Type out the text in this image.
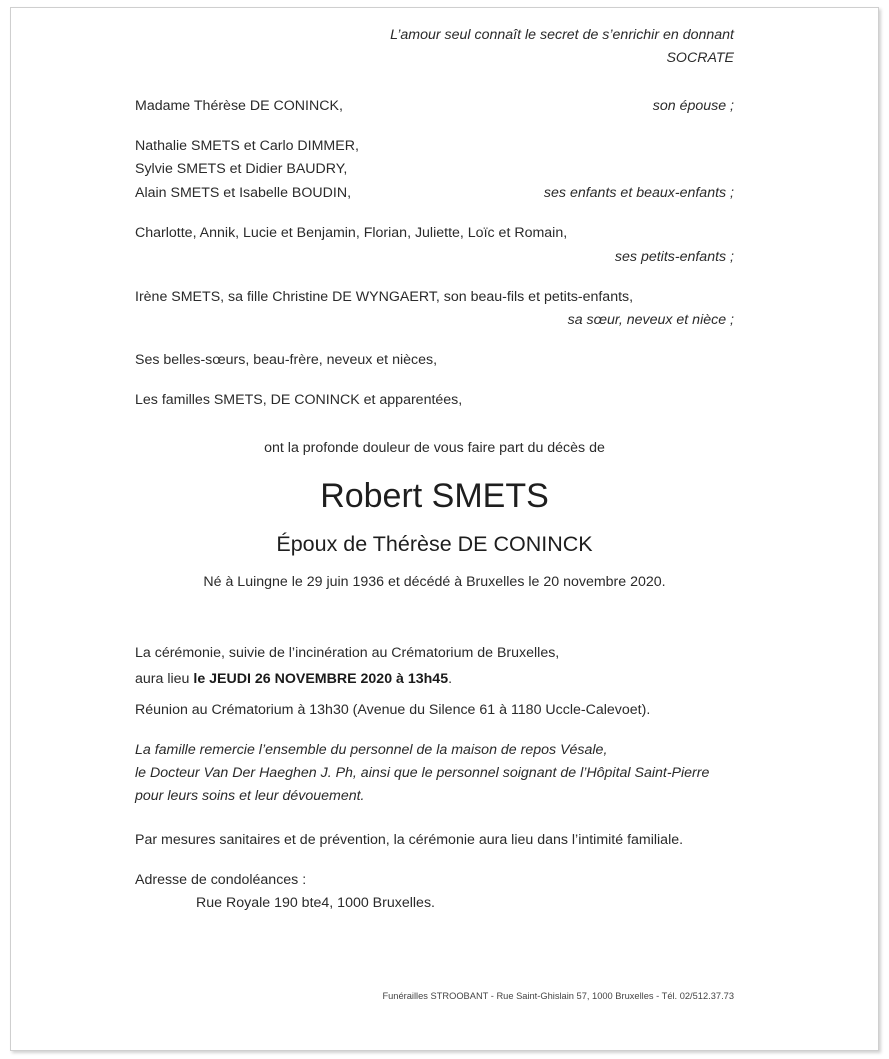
L’amour seul connaît le secret de s’enrichir en donnant
SOCRATE
Madame Thérèse DE CONINCK,	son épouse ;
Nathalie SMETS et Carlo DIMMER,
Sylvie SMETS et Didier BAUDRY,
Alain SMETS et Isabelle BOUDIN,	ses enfants et beaux-enfants ;
Charlotte, Annik, Lucie et Benjamin, Florian, Juliette, Loïc et Romain,
ses petits-enfants ;
Irène SMETS, sa fille Christine DE WYNGAERT, son beau-fils et petits-enfants,
sa sœur, neveux et nièce ;
Ses belles-sœurs, beau-frère, neveux et nièces,
Les familles SMETS, DE CONINCK et apparentées,
ont la profonde douleur de vous faire part du décès de
Robert SMETS
Époux de Thérèse DE CONINCK
Né à Luingne le 29 juin 1936 et décédé à Bruxelles le 20 novembre 2020.
La cérémonie, suivie de l’incinération au Crématorium de Bruxelles,
aura lieu le JEUDI 26 NOVEMBRE 2020 à 13h45.
Réunion au Crématorium à 13h30 (Avenue du Silence 61 à 1180 Uccle-Calevoet).
La famille remercie l’ensemble du personnel de la maison de repos Vésale,
le Docteur Van Der Haeghen J. Ph, ainsi que le personnel soignant de l’Hôpital Saint-Pierre
pour leurs soins et leur dévouement.
Par mesures sanitaires et de prévention, la cérémonie aura lieu dans l’intimité familiale.
Adresse de condoléances :
Rue Royale 190 bte4, 1000 Bruxelles.
Funérailles STROOBANT - Rue Saint-Ghislain 57, 1000 Bruxelles - Tél. 02/512.37.73
